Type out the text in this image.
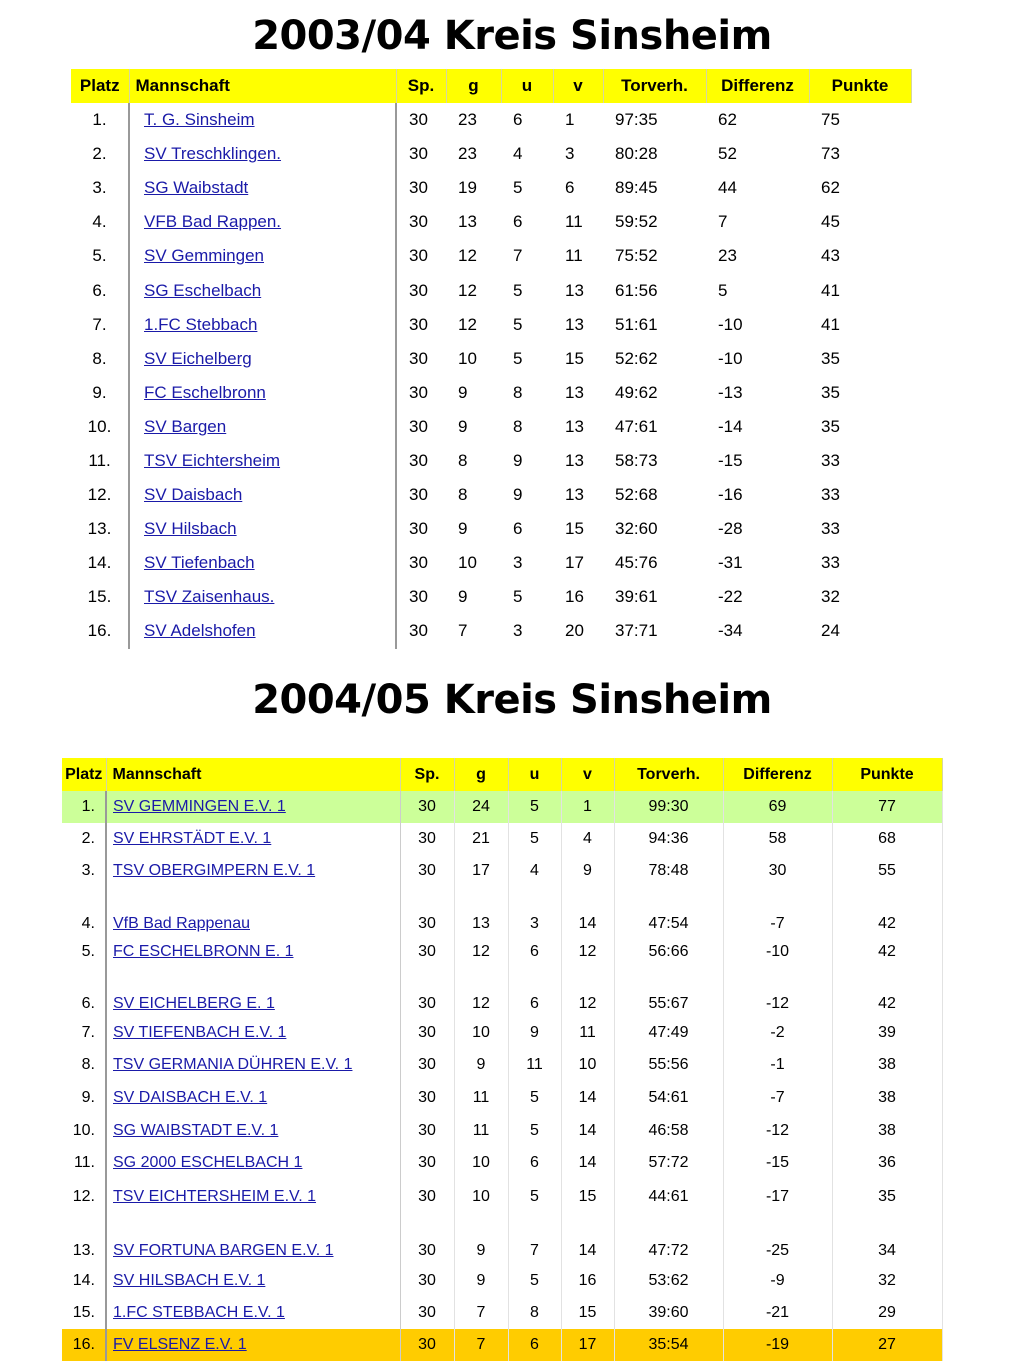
2003/04 Kreis Sinsheim
Platz	Mannschaft	Sp.	g	u	v	Torverh.	Differenz	Punkte
1.	T. G. Sinsheim	30	23	6	1	97:35	62	75
2.	SV Treschklingen.	30	23	4	3	80:28	52	73
3.	SG Waibstadt	30	19	5	6	89:45	44	62
4.	VFB Bad Rappen.	30	13	6	11	59:52	7	45
5.	SV Gemmingen	30	12	7	11	75:52	23	43
6.	SG Eschelbach	30	12	5	13	61:56	5	41
7.	1.FC Stebbach	30	12	5	13	51:61	-10	41
8.	SV Eichelberg	30	10	5	15	52:62	-10	35
9.	FC Eschelbronn	30	9	8	13	49:62	-13	35
10.	SV Bargen	30	9	8	13	47:61	-14	35
11.	TSV Eichtersheim	30	8	9	13	58:73	-15	33
12.	SV Daisbach	30	8	9	13	52:68	-16	33
13.	SV Hilsbach	30	9	6	15	32:60	-28	33
14.	SV Tiefenbach	30	10	3	17	45:76	-31	33
15.	TSV Zaisenhaus.	30	9	5	16	39:61	-22	32
16.	SV Adelshofen	30	7	3	20	37:71	-34	24
2004/05 Kreis Sinsheim
Platz	Mannschaft	Sp.	g	u	v	Torverh.	Differenz	Punkte
1.	SV GEMMINGEN E.V. 1	30	24	5	1	99:30	69	77
2.	SV EHRSTÄDT E.V. 1	30	21	5	4	94:36	58	68
3.	TSV OBERGIMPERN E.V. 1	30	17	4	9	78:48	30	55
4.	VfB Bad Rappenau	30	13	3	14	47:54	-7	42
5.	FC ESCHELBRONN E. 1	30	12	6	12	56:66	-10	42
6.	SV EICHELBERG E. 1	30	12	6	12	55:67	-12	42
7.	SV TIEFENBACH E.V. 1	30	10	9	11	47:49	-2	39
8.	TSV GERMANIA DÜHREN E.V. 1	30	9	11	10	55:56	-1	38
9.	SV DAISBACH E.V. 1	30	11	5	14	54:61	-7	38
10.	SG WAIBSTADT E.V. 1	30	11	5	14	46:58	-12	38
11.	SG 2000 ESCHELBACH 1	30	10	6	14	57:72	-15	36
12.	TSV EICHTERSHEIM E.V. 1	30	10	5	15	44:61	-17	35
13.	SV FORTUNA BARGEN E.V. 1	30	9	7	14	47:72	-25	34
14.	SV HILSBACH E.V. 1	30	9	5	16	53:62	-9	32
15.	1.FC STEBBACH E.V. 1	30	7	8	15	39:60	-21	29
16.	FV ELSENZ E.V. 1	30	7	6	17	35:54	-19	27
